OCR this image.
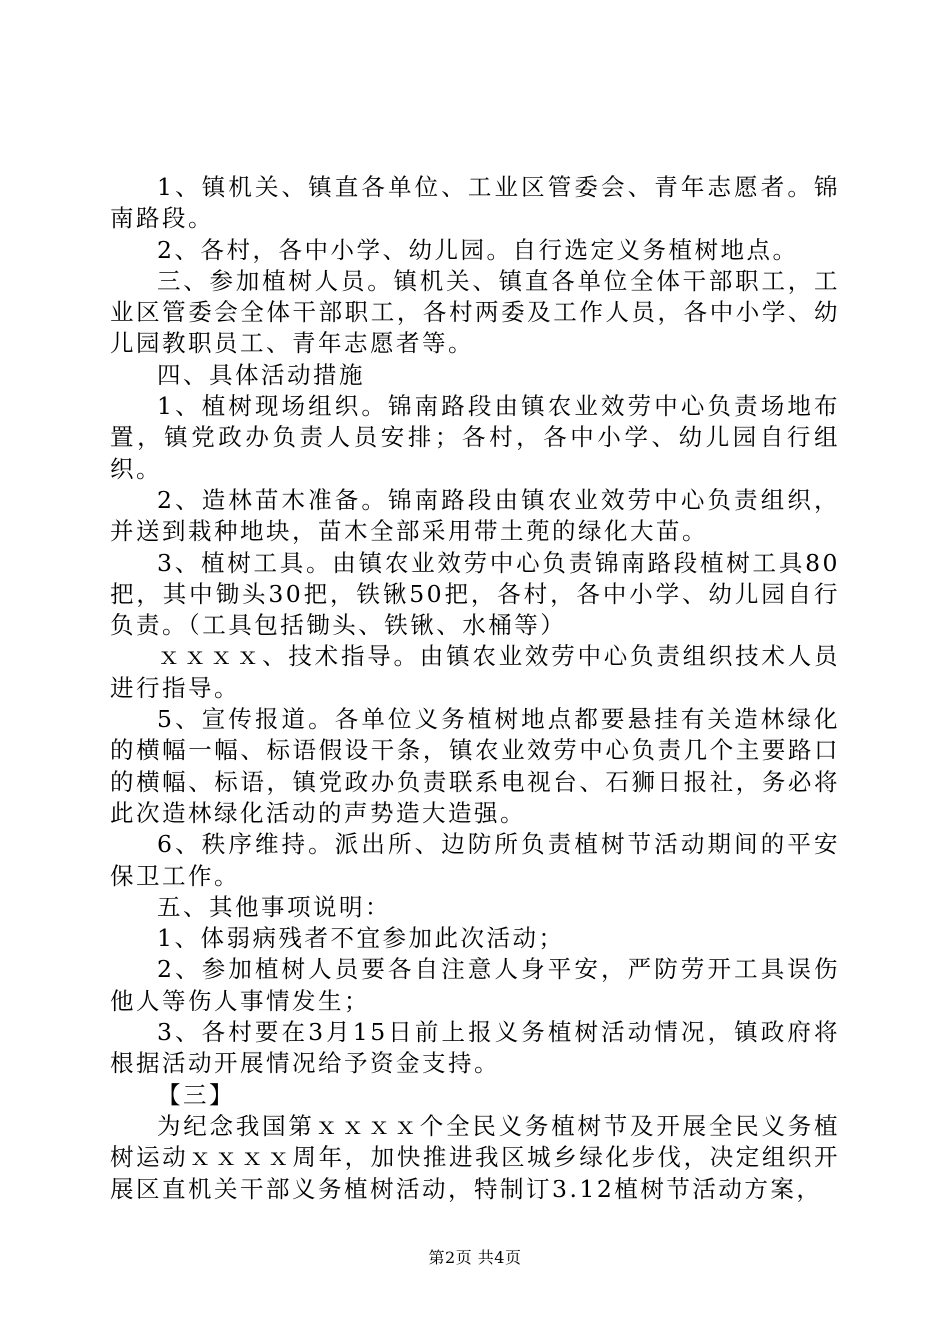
1、镇机关、镇直各单位、工业区管委会、青年志愿者。锦南路段。

2、各村，各中小学、幼儿园。自行选定义务植树地点。

三、参加植树人员。镇机关、镇直各单位全体干部职工，工业区管委会全体干部职工，各村两委及工作人员，各中小学、幼儿园教职员工、青年志愿者等。

四、具体活动措施

1、植树现场组织。锦南路段由镇农业效劳中心负责场地布置，镇党政办负责人员安排；各村，各中小学、幼儿园自行组织。

2、造林苗木准备。锦南路段由镇农业效劳中心负责组织，并送到栽种地块，苗木全部采用带土蔸的绿化大苗。

3、植树工具。由镇农业效劳中心负责锦南路段植树工具80把，其中锄头30把，铁锹50把，各村，各中小学、幼儿园自行负责。（工具包括锄头、铁锹、水桶等）

ｘｘｘｘ、技术指导。由镇农业效劳中心负责组织技术人员进行指导。

5、宣传报道。各单位义务植树地点都要悬挂有关造林绿化的横幅一幅、标语假设干条，镇农业效劳中心负责几个主要路口的横幅、标语，镇党政办负责联系电视台、石狮日报社，务必将此次造林绿化活动的声势造大造强。

6、秩序维持。派出所、边防所负责植树节活动期间的平安保卫工作。

五、其他事项说明：

1、体弱病残者不宜参加此次活动；

2、参加植树人员要各自注意人身平安，严防劳开工具误伤他人等伤人事情发生；

3、各村要在3月15日前上报义务植树活动情况，镇政府将根据活动开展情况给予资金支持。

【三】

为纪念我国第ｘｘｘｘ个全民义务植树节及开展全民义务植树运动ｘｘｘｘ周年，加快推进我区城乡绿化步伐，决定组织开展区直机关干部义务植树活动，特制订3.12植树节活动方案，

第2页 共4页
